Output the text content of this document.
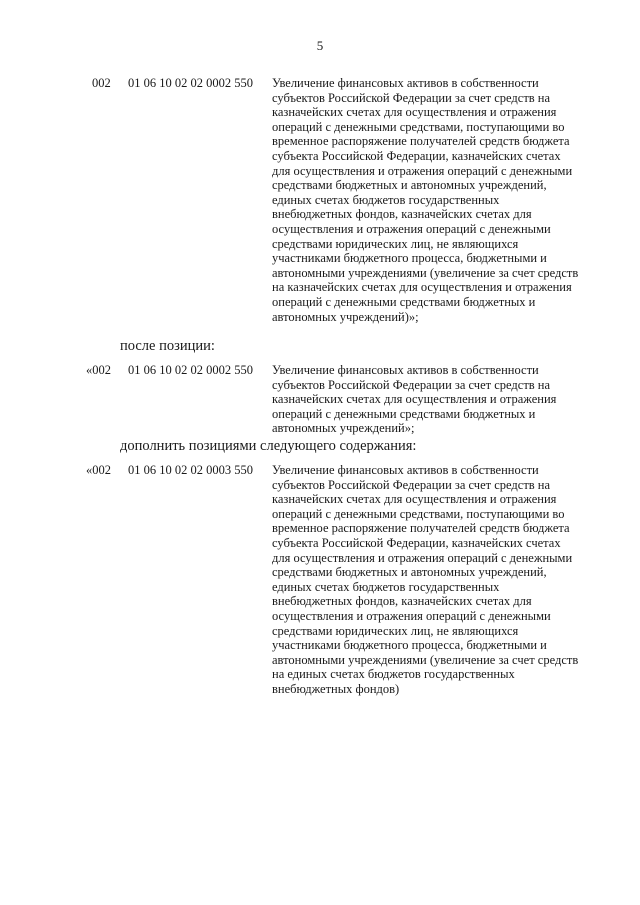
5
002 01 06 10 02 02 0002 550 Увеличение финансовых активов в собственности
субъектов Российской Федерации за счет средств на
казначейских счетах для осуществления и отражения
операций с денежными средствами, поступающими во
временное распоряжение получателей средств бюджета
субъекта Российской Федерации, казначейских счетах
для осуществления и отражения операций с денежными
средствами бюджетных и автономных учреждений,
единых счетах бюджетов государственных
внебюджетных фондов, казначейских счетах для
осуществления и отражения операций с денежными
средствами юридических лиц, не являющихся
участниками бюджетного процесса, бюджетными и
автономными учреждениями (увеличение за счет средств
на казначейских счетах для осуществления и отражения
операций с денежными средствами бюджетных и
автономных учреждений)»;
после позиции:
«002 01 06 10 02 02 0002 550 Увеличение финансовых активов в собственности
субъектов Российской Федерации за счет средств на
казначейских счетах для осуществления и отражения
операций с денежными средствами бюджетных и
автономных учреждений»;
дополнить позициями следующего содержания:
«002 01 06 10 02 02 0003 550 Увеличение финансовых активов в собственности
субъектов Российской Федерации за счет средств на
казначейских счетах для осуществления и отражения
операций с денежными средствами, поступающими во
временное распоряжение получателей средств бюджета
субъекта Российской Федерации, казначейских счетах
для осуществления и отражения операций с денежными
средствами бюджетных и автономных учреждений,
единых счетах бюджетов государственных
внебюджетных фондов, казначейских счетах для
осуществления и отражения операций с денежными
средствами юридических лиц, не являющихся
участниками бюджетного процесса, бюджетными и
автономными учреждениями (увеличение за счет средств
на единых счетах бюджетов государственных
внебюджетных фондов)
